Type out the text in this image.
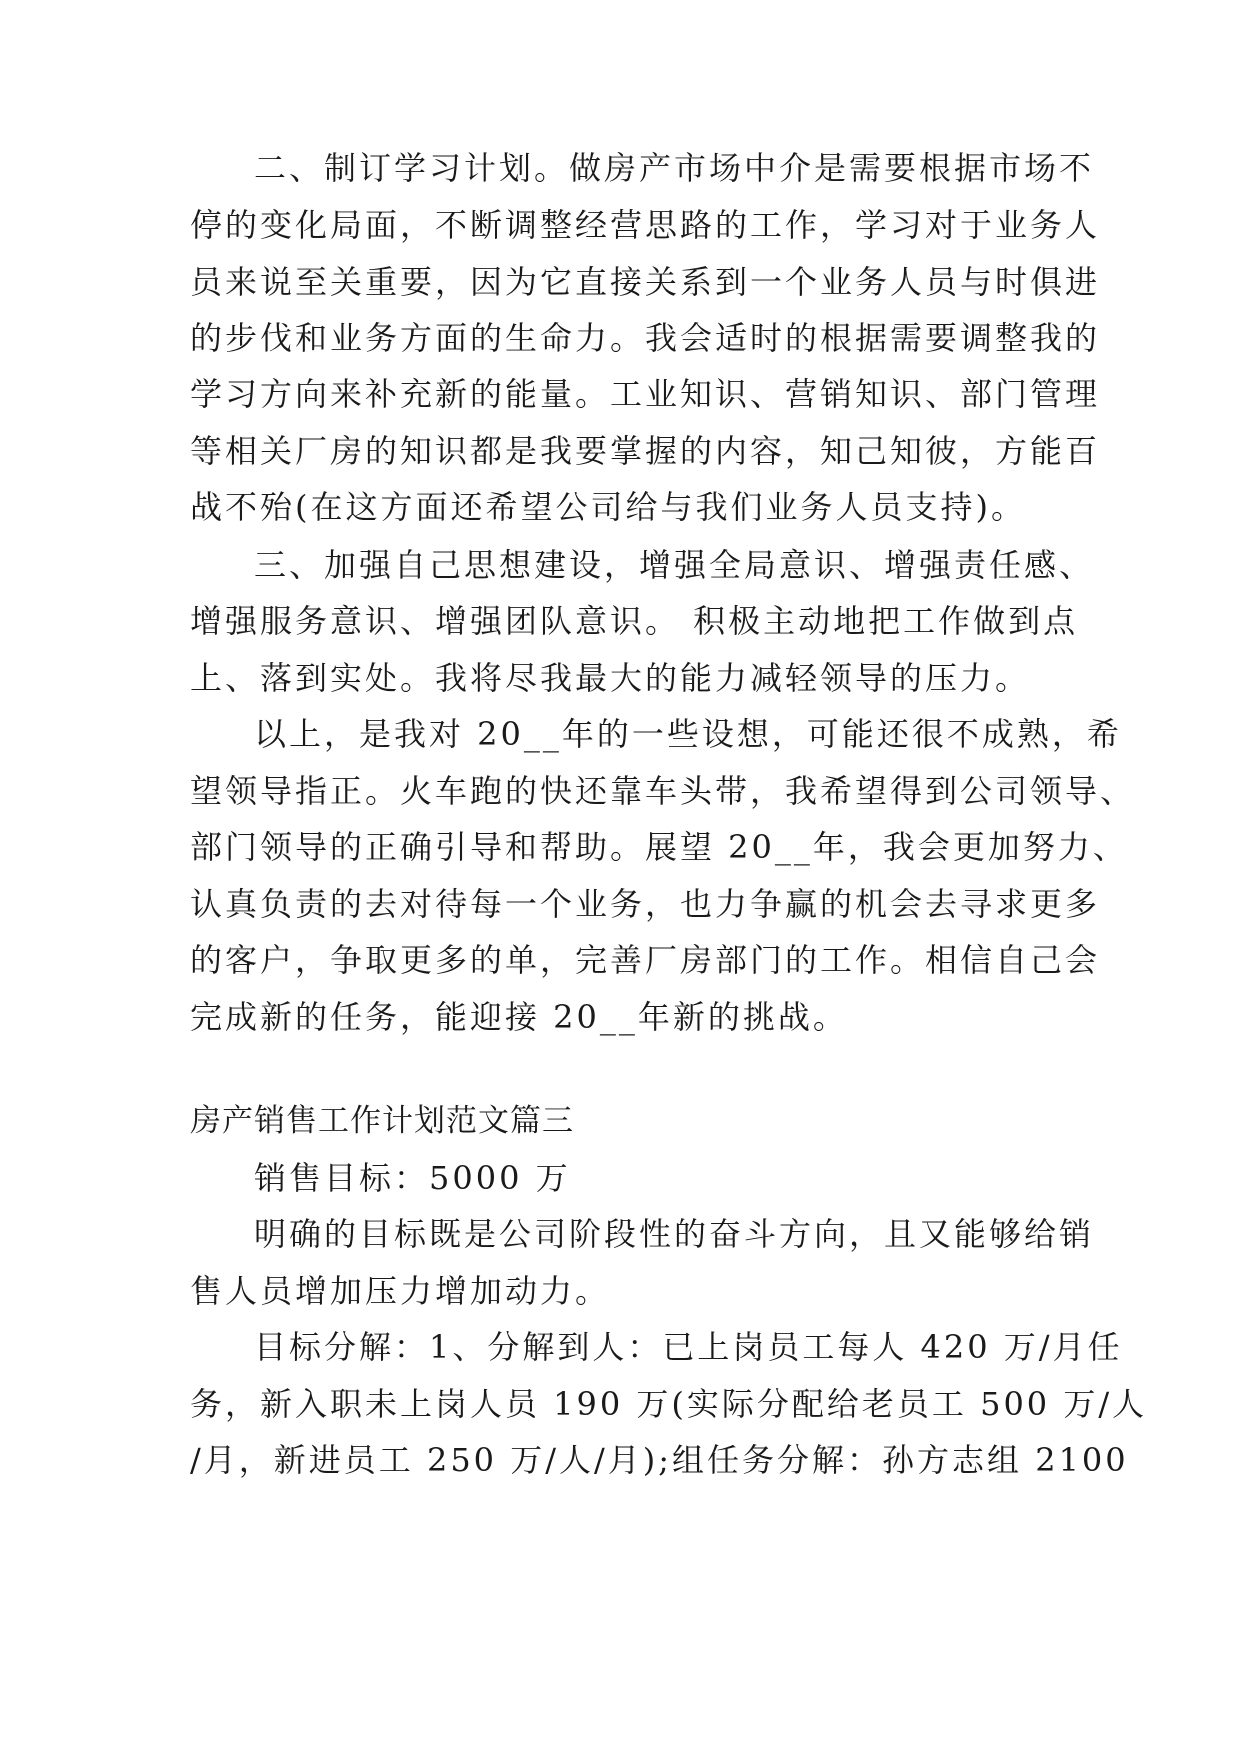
二、制订学习计划。做房产市场中介是需要根据市场不
停的变化局面，不断调整经营思路的工作，学习对于业务人
员来说至关重要，因为它直接关系到一个业务人员与时俱进
的步伐和业务方面的生命力。我会适时的根据需要调整我的
学习方向来补充新的能量。工业知识、营销知识、部门管理
等相关厂房的知识都是我要掌握的内容，知己知彼，方能百
战不殆(在这方面还希望公司给与我们业务人员支持)。
三、加强自己思想建设，增强全局意识、增强责任感、
增强服务意识、增强团队意识。 积极主动地把工作做到点
上、落到实处。我将尽我最大的能力减轻领导的压力。
以上，是我对 20__年的一些设想，可能还很不成熟，希
望领导指正。火车跑的快还靠车头带，我希望得到公司领导、
部门领导的正确引导和帮助。展望 20__年，我会更加努力、
认真负责的去对待每一个业务，也力争赢的机会去寻求更多
的客户，争取更多的单，完善厂房部门的工作。相信自己会
完成新的任务，能迎接 20__年新的挑战。
房产销售工作计划范文篇三
销售目标：5000 万
明确的目标既是公司阶段性的奋斗方向，且又能够给销
售人员增加压力增加动力。
目标分解：1、分解到人：已上岗员工每人 420 万/月任
务，新入职未上岗人员 190 万(实际分配给老员工 500 万/人
/月，新进员工 250 万/人/月);组任务分解：孙方志组 2100
